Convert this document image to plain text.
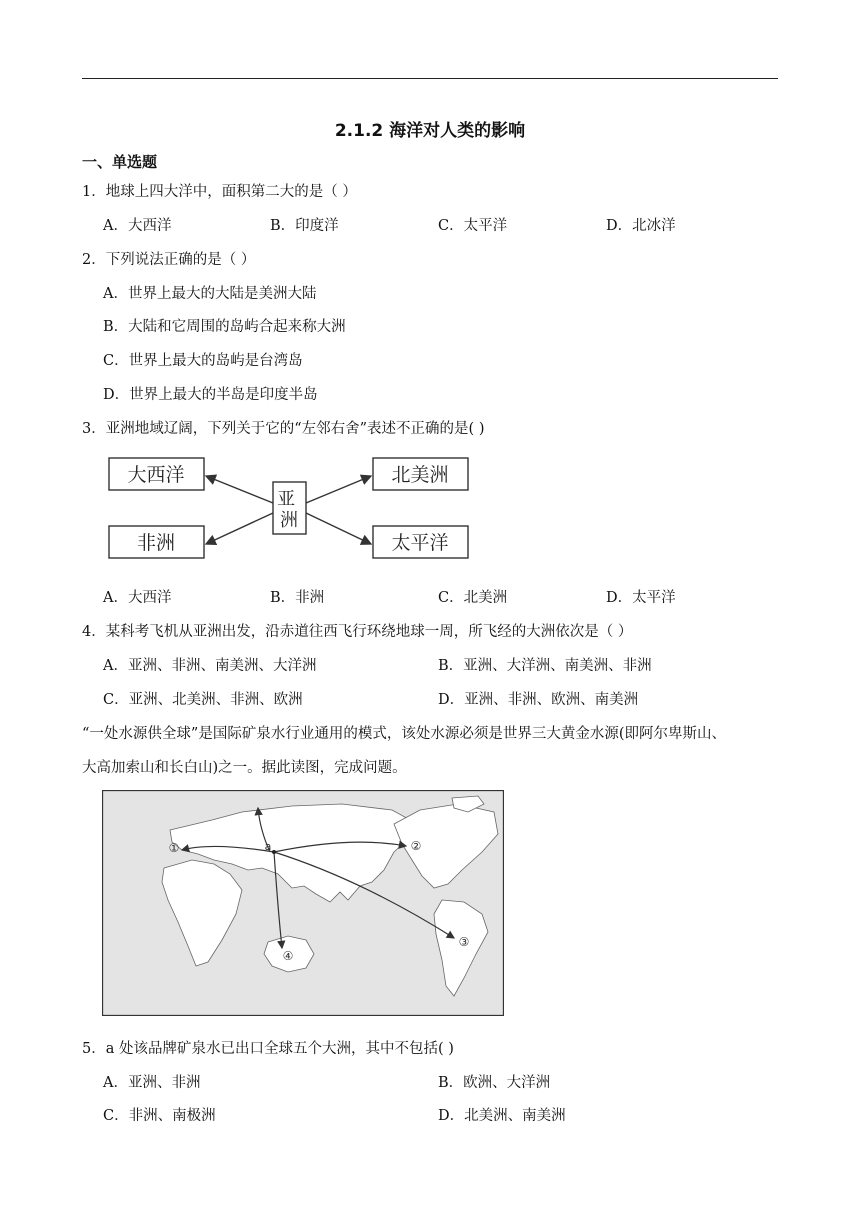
2.1.2 海洋对人类的影响
一、单选题
1．地球上四大洋中，面积第二大的是（ ）
A．大西洋	B．印度洋	C．太平洋	D．北冰洋
2．下列说法正确的是（ ）
A．世界上最大的大陆是美洲大陆
B．大陆和它周围的岛屿合起来称大洲
C．世界上最大的岛屿是台湾岛
D．世界上最大的半岛是印度半岛
3．亚洲地域辽阔，下列关于它的“左邻右舍”表述不正确的是( )
大西洋
非洲
北美洲
太平洋
亚 洲
A．大西洋	B．非洲	C．北美洲	D．太平洋
4．某科考飞机从亚洲出发，沿赤道往西飞行环绕地球一周，所飞经的大洲依次是（ ）
A．亚洲、非洲、南美洲、大洋洲	B．亚洲、大洋洲、南美洲、非洲
C．亚洲、北美洲、非洲、欧洲	D．亚洲、非洲、欧洲、南美洲
“一处水源供全球”是国际矿泉水行业通用的模式，该处水源必须是世界三大黄金水源(即阿尔卑斯山、
大高加索山和长白山)之一。据此读图，完成问题。
a
①	②
③
④
5．a 处该品牌矿泉水已出口全球五个大洲，其中不包括( )
A．亚洲、非洲	B．欧洲、大洋洲
C．非洲、南极洲	D．北美洲、南美洲
